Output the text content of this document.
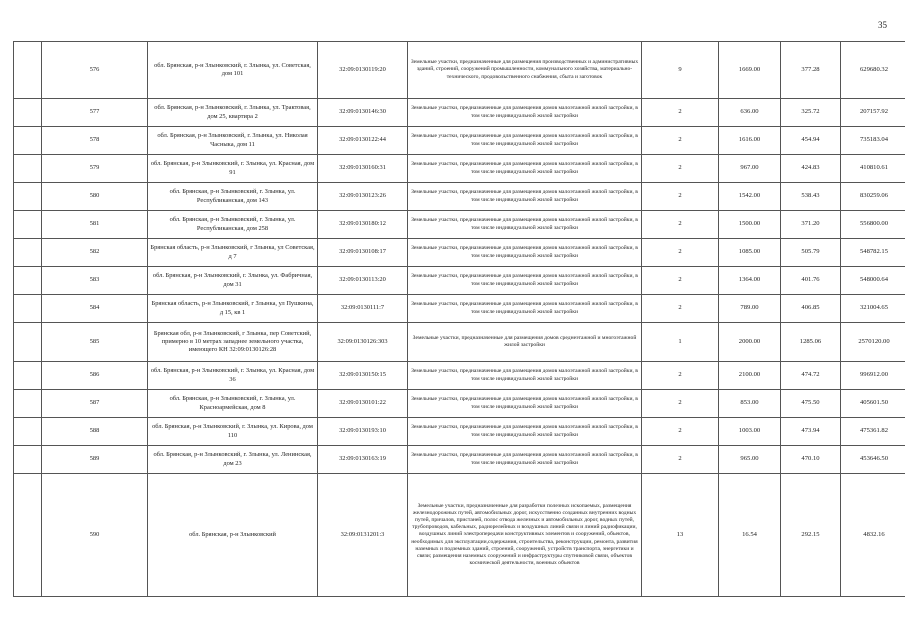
35
	576	обл. Брянская, р-н Злынковский, г. Злынка, ул. Советская, дом 101	32:09:0130119:20	Земельные участки, предназначенные для размещения производственных и административных зданий, строений, сооружений промышленности, коммунального хозяйства, материально-технического, продовольственного снабжения, сбыта и заготовок	9	1669.00	377.28	629680.32
	577	обл. Брянская, р-н Злынковский, г. Злынка, ул. Трактовая, дом 25, квартира 2	32:09:0130146:30	Земельные участки, предназначенные для размещения домов малоэтажной жилой застройки, в том числе индивидуальной жилой застройки	2	636.00	325.72	207157.92
	578	обл. Брянская, р-н Злынковский, г. Злынка, ул. Николая Часныка, дом 11	32:09:0130122:44	Земельные участки, предназначенные для размещения домов малоэтажной жилой застройки, в том числе индивидуальной жилой застройки	2	1616.00	454.94	735183.04
	579	обл. Брянская, р-н Злынковский, г. Злынка, ул. Красная, дом 91	32:09:0130160:31	Земельные участки, предназначенные для размещения домов малоэтажной жилой застройки, в том числе индивидуальной жилой застройки	2	967.00	424.83	410810.61
	580	обл. Брянская, р-н Злынковский, г. Злынка, ул. Республиканская, дом 143	32:09:0130123:26	Земельные участки, предназначенные для размещения домов малоэтажной жилой застройки, в том числе индивидуальной жилой застройки	2	1542.00	538.43	830259.06
	581	обл. Брянская, р-н Злынковский, г. Злынка, ул. Республиканская, дом 258	32:09:0130180:12	Земельные участки, предназначенные для размещения домов малоэтажной жилой застройки, в том числе индивидуальной жилой застройки	2	1500.00	371.20	556800.00
	582	Брянская область, р-н Злынковский, г Злынка, ул Советская, д 7	32:09:0130108:17	Земельные участки, предназначенные для размещения домов малоэтажной жилой застройки, в том числе индивидуальной жилой застройки	2	1085.00	505.79	548782.15
	583	обл. Брянская, р-н Злынковский, г. Злынка, ул. Фабричная, дом 31	32:09:0130113:20	Земельные участки, предназначенные для размещения домов малоэтажной жилой застройки, в том числе индивидуальной жилой застройки	2	1364.00	401.76	548000.64
	584	Брянская область, р-н Злынковский, г Злынка, ул Пушкина, д 15, кв 1	32:09:0130111:7	Земельные участки, предназначенные для размещения домов малоэтажной жилой застройки, в том числе индивидуальной жилой застройки	2	789.00	406.85	321004.65
	585	Брянская обл, р-н Злынковский, г Злынка, пер Советский, примерно в 10 метрах западнее земельного участка, имеющего КН 32:09:0130126:28	32:09:0130126:303	Земельные участки, предназначенные для размещения домов среднеэтажной и многоэтажной жилой застройки	1	2000.00	1285.06	2570120.00
	586	обл. Брянская, р-н Злынковский, г. Злынка, ул. Красная, дом 36	32:09:0130150:15	Земельные участки, предназначенные для размещения домов малоэтажной жилой застройки, в том числе индивидуальной жилой застройки	2	2100.00	474.72	996912.00
	587	обл. Брянская, р-н Злынковский, г. Злынка, ул. Красноармейская, дом 8	32:09:0130101:22	Земельные участки, предназначенные для размещения домов малоэтажной жилой застройки, в том числе индивидуальной жилой застройки	2	853.00	475.50	405601.50
	588	обл. Брянская, р-н Злынковский, г. Злынка, ул. Кирова, дом 110	32:09:0130193:10	Земельные участки, предназначенные для размещения домов малоэтажной жилой застройки, в том числе индивидуальной жилой застройки	2	1003.00	473.94	475361.82
	589	обл. Брянская, р-н Злынковский, г. Злынка, ул. Ленинская, дом 23	32:09:0130163:19	Земельные участки, предназначенные для размещения домов малоэтажной жилой застройки, в том числе индивидуальной жилой застройки	2	965.00	470.10	453646.50
	590	обл. Брянская, р-н Злынковский	32:09:0131201:3	Земельные участки, предназначенные для разработки полезных ископаемых, размещения железнодорожных путей, автомобильных дорог, искусственно созданных внутренних водных путей, причалов, пристаней, полос отвода железных и автомобильных дорог, водных путей, трубопроводов, кабельных, радиорелейных и воздушных линий связи и линий радиофикации, воздушных линий электропередачи конструктивных элементов и сооружений, объектов, необходимых для эксплуатации,содержания, строительства, реконструкции, ремонта, развития наземных и подземных зданий, строений, сооружений, устройств транспорта, энергетики и связи; размещения наземных сооружений и инфраструктуры спутниковой связи, объектов космической деятельности, военных объектов	13	16.54	292.15	4832.16
